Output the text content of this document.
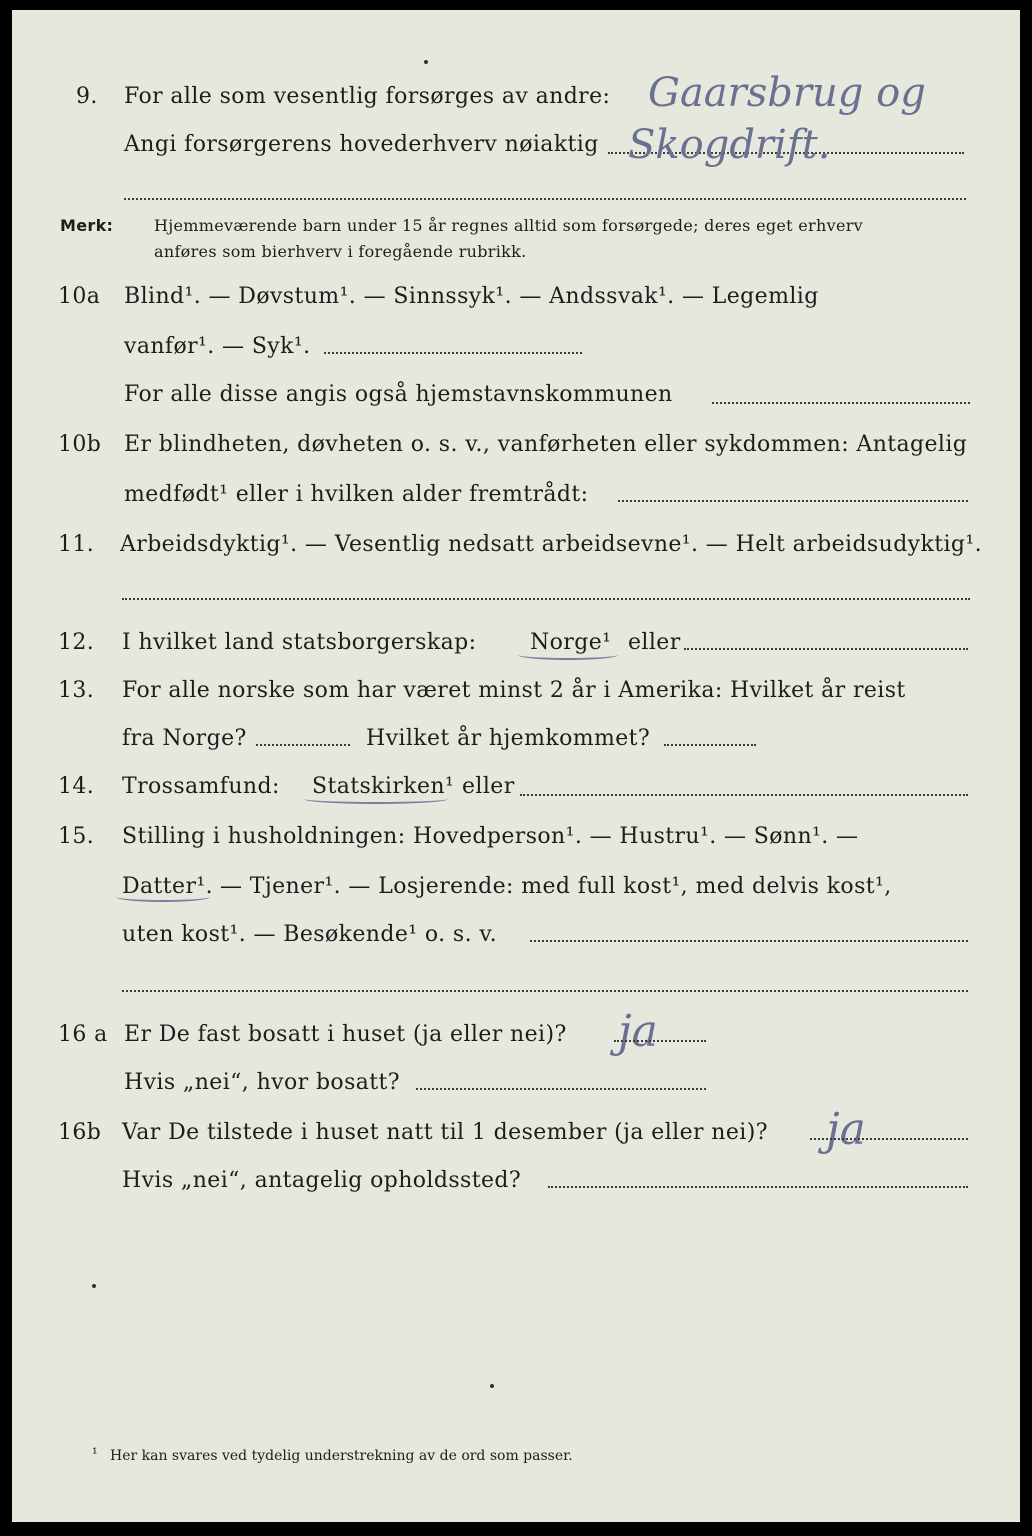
9. For alle som vesentlig forsørges av andre: Gaarsbrug og
Angi forsørgerens hovederhverv nøiaktig Skogdrift.
Merk:	Hjemmeværende barn under 15 år regnes alltid som forsørgede; deres eget erhverv
anføres som bierhverv i foregående rubrikk.
10a Blind¹. — Døvstum¹. — Sinnssyk¹. — Andssvak¹. — Legemlig
vanfør¹. — Syk¹.
For alle disse angis også hjemstavnskommunen
10b Er blindheten, døvheten o. s. v., vanførheten eller sykdommen: Antagelig
medfødt¹ eller i hvilken alder fremtrådt:
11. Arbeidsdyktig¹. — Vesentlig nedsatt arbeidsevne¹. — Helt arbeidsudyktig¹.
12. I hvilket land statsborgerskap: Norge¹ eller
13. For alle norske som har været minst 2 år i Amerika: Hvilket år reist
fra Norge?	Hvilket år hjemkommet?
14. Trossamfund: Statskirken¹ eller
15. Stilling i husholdningen: Hovedperson¹. — Hustru¹. — Sønn¹. —
Datter¹. — Tjener¹. — Losjerende: med full kost¹, med delvis kost¹,
uten kost¹. — Besøkende¹ o. s. v.
16 a Er De fast bosatt i huset (ja eller nei)? ja
Hvis „nei“, hvor bosatt?
16b Var De tilstede i huset natt til 1 desember (ja eller nei)? ja
Hvis „nei“, antagelig opholdssted?
¹ Her kan svares ved tydelig understrekning av de ord som passer.
